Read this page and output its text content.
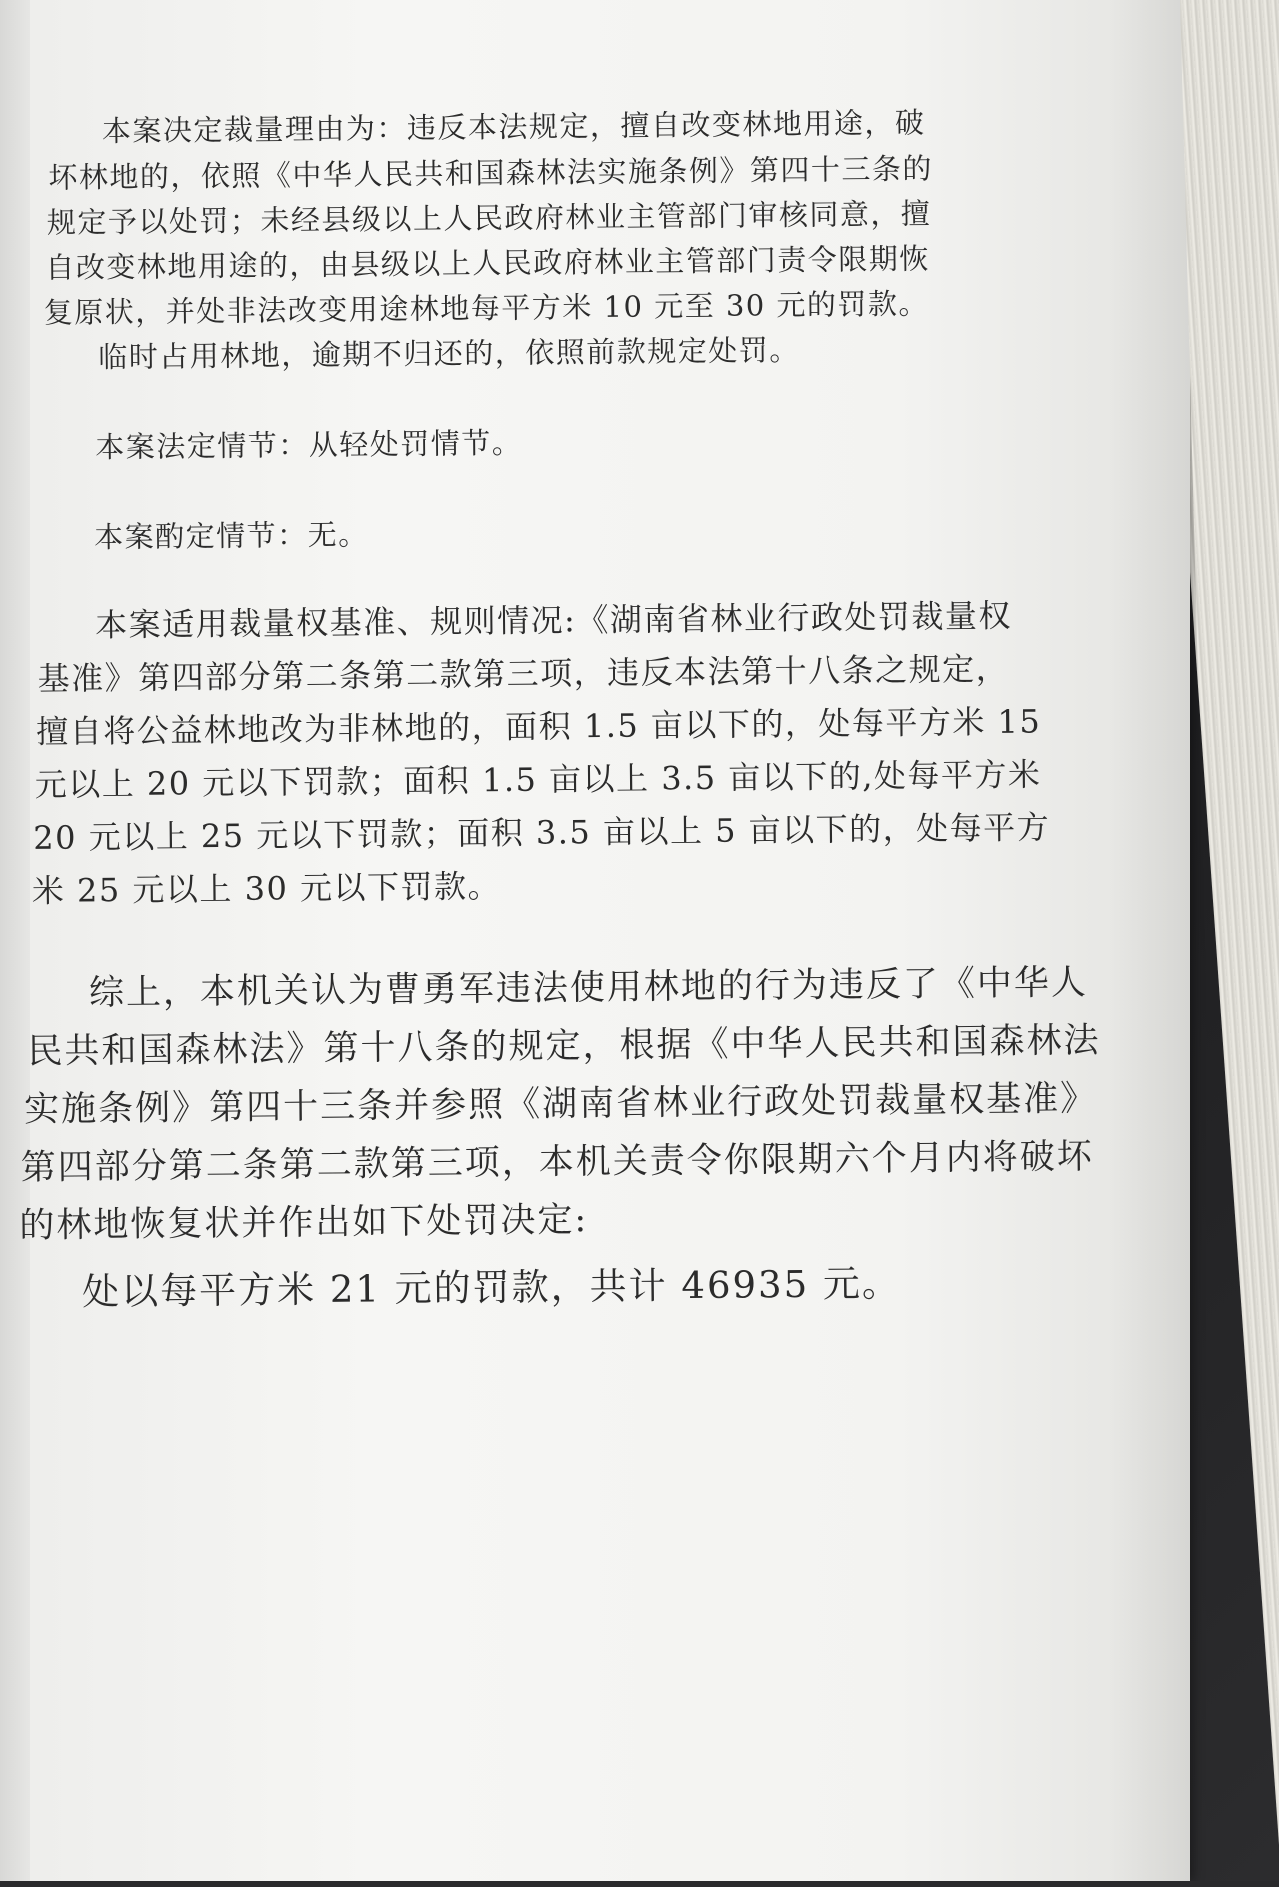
本案决定裁量理由为：违反本法规定，擅自改变林地用途，破
坏林地的，依照《中华人民共和国森林法实施条例》第四十三条的
规定予以处罚；未经县级以上人民政府林业主管部门审核同意，擅
自改变林地用途的，由县级以上人民政府林业主管部门责令限期恢
复原状，并处非法改变用途林地每平方米 10 元至 30 元的罚款。
临时占用林地，逾期不归还的，依照前款规定处罚。
本案法定情节：从轻处罚情节。
本案酌定情节：无。
本案适用裁量权基准、规则情况:《湖南省林业行政处罚裁量权
基准》第四部分第二条第二款第三项，违反本法第十八条之规定，
擅自将公益林地改为非林地的，面积 1.5 亩以下的，处每平方米 15
元以上 20 元以下罚款；面积 1.5 亩以上 3.5 亩以下的,处每平方米
20 元以上 25 元以下罚款；面积 3.5 亩以上 5 亩以下的，处每平方
米 25 元以上 30 元以下罚款。
综上，本机关认为曹勇军违法使用林地的行为违反了《中华人
民共和国森林法》第十八条的规定，根据《中华人民共和国森林法
实施条例》第四十三条并参照《湖南省林业行政处罚裁量权基准》
第四部分第二条第二款第三项，本机关责令你限期六个月内将破坏
的林地恢复状并作出如下处罚决定:
处以每平方米 21 元的罚款，共计 46935 元。
